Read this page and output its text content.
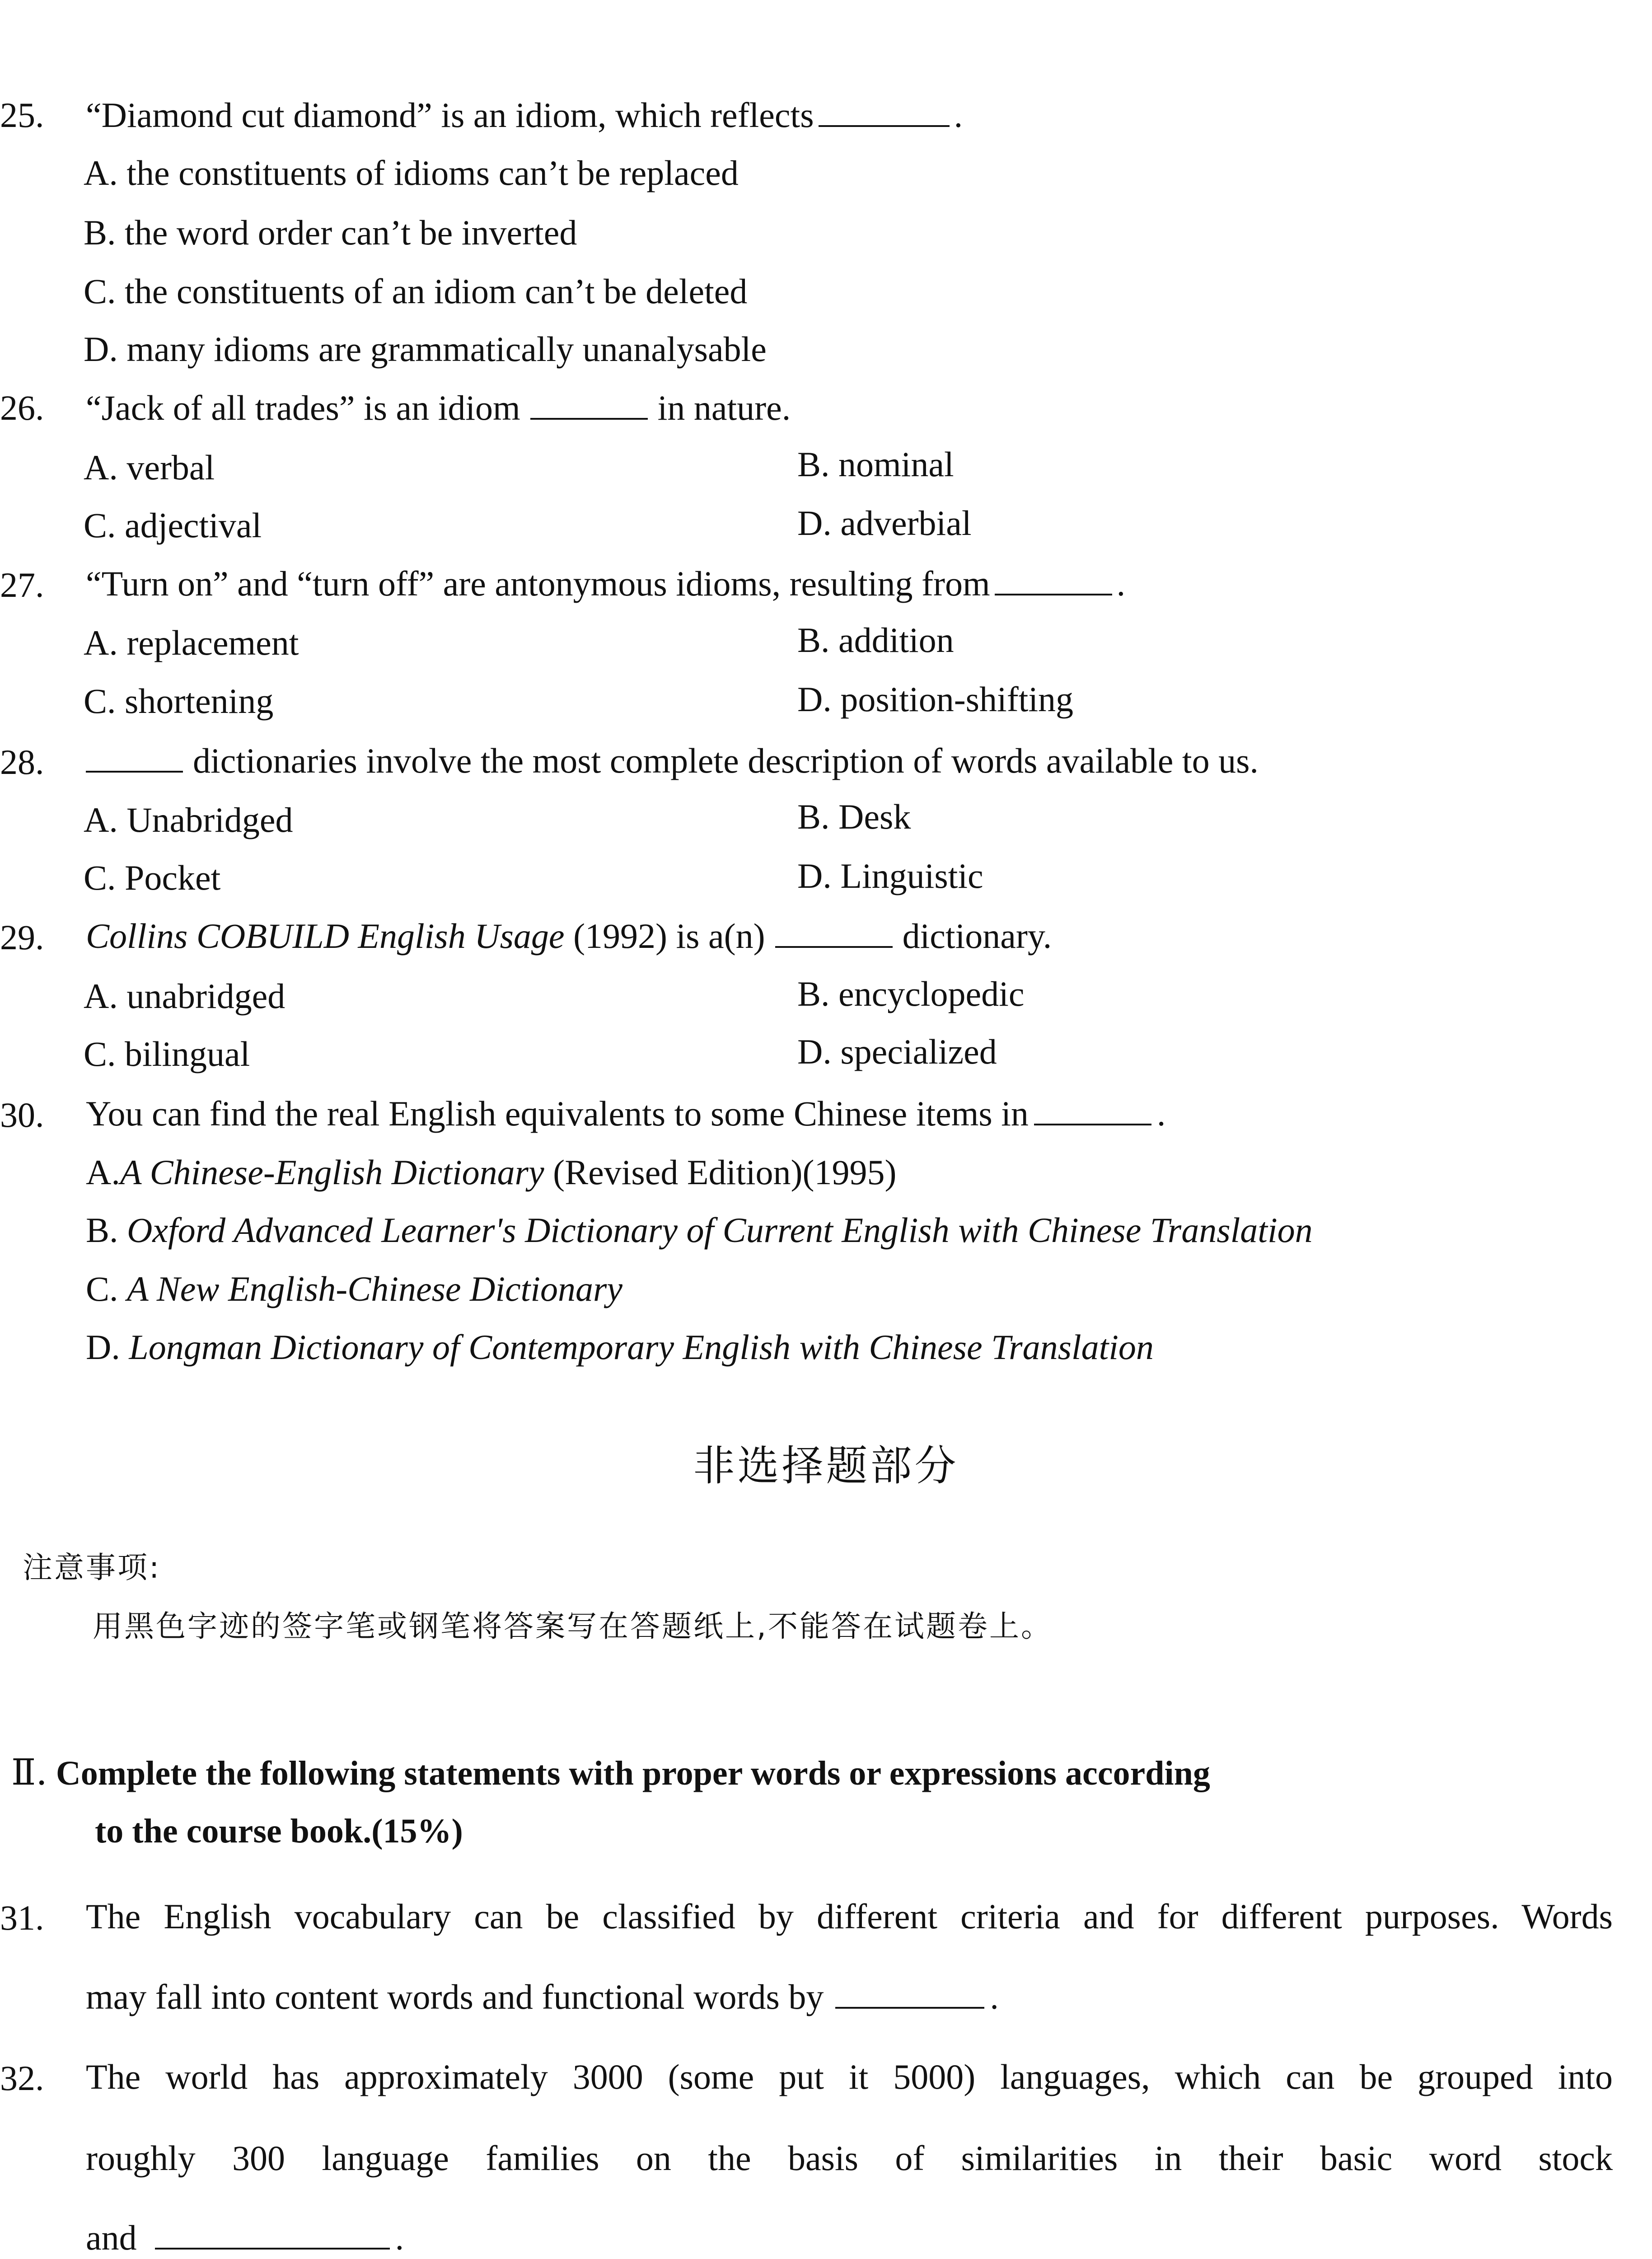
25. “Diamond cut diamond” is an idiom, which reflects	.
A. the constituents of idioms can’t be replaced
B. the word order can’t be inverted
C. the constituents of an idiom can’t be deleted
D. many idioms are grammatically unanalysable
26. “Jack of all trades” is an idiom	in nature.
A. verbal	B. nominal
C. adjectival	D. adverbial
27. “Turn on” and “turn off” are antonymous idioms, resulting from	.
A. replacement	B. addition
C. shortening	D. position-shifting
28.	dictionaries involve the most complete description of words available to us.
A. Unabridged	B. Desk
C. Pocket	D. Linguistic
29. Collins COBUILD English Usage (1992) is a(n)	dictionary.
A. unabridged	B. encyclopedic
C. bilingual	D. specialized
30. You can find the real English equivalents to some Chinese items in	.
A.A Chinese-English Dictionary (Revised Edition)(1995)
B. Oxford Advanced Learner's Dictionary of Current English with Chinese Translation
C. A New English-Chinese Dictionary
D. Longman Dictionary of Contemporary English with Chinese Translation
非选择题部分
注意事项:
用黑色字迹的签字笔或钢笔将答案写在答题纸上,不能答在试题卷上。
Ⅱ. Complete the following statements with proper words or expressions according
to the course book.(15%)
31. The English vocabulary can be classified by different criteria and for different purposes. Words
may fall into content words and functional words by	.
32. The world has approximately 3000 (some put it 5000) languages, which can be grouped into
roughly 300 language families on the basis of similarities in their basic word stock
and	.
